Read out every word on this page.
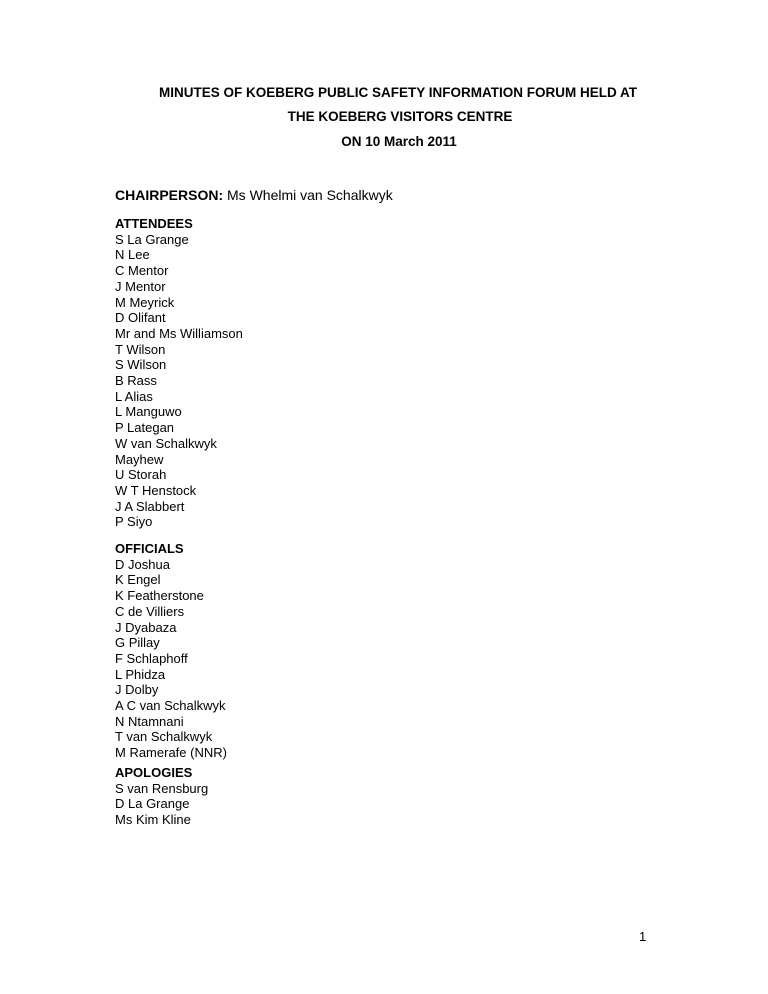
MINUTES OF KOEBERG PUBLIC SAFETY INFORMATION FORUM HELD AT
THE KOEBERG VISITORS CENTRE
ON 10 March 2011
CHAIRPERSON: Ms Whelmi van Schalkwyk
ATTENDEES
S La Grange
N Lee
C Mentor
J Mentor
M Meyrick
D Olifant
Mr and Ms Williamson
T Wilson
S Wilson
B Rass
L Alias
L Manguwo
P Lategan
W van Schalkwyk
Mayhew
U Storah
W T Henstock
J A Slabbert
P Siyo
OFFICIALS
D Joshua
K Engel
K Featherstone
C de Villiers
J Dyabaza
G Pillay
F Schlaphoff
L Phidza
J Dolby
A C van Schalkwyk
N Ntamnani
T van Schalkwyk
M Ramerafe (NNR)
APOLOGIES
S van Rensburg
D La Grange
Ms Kim Kline
1
